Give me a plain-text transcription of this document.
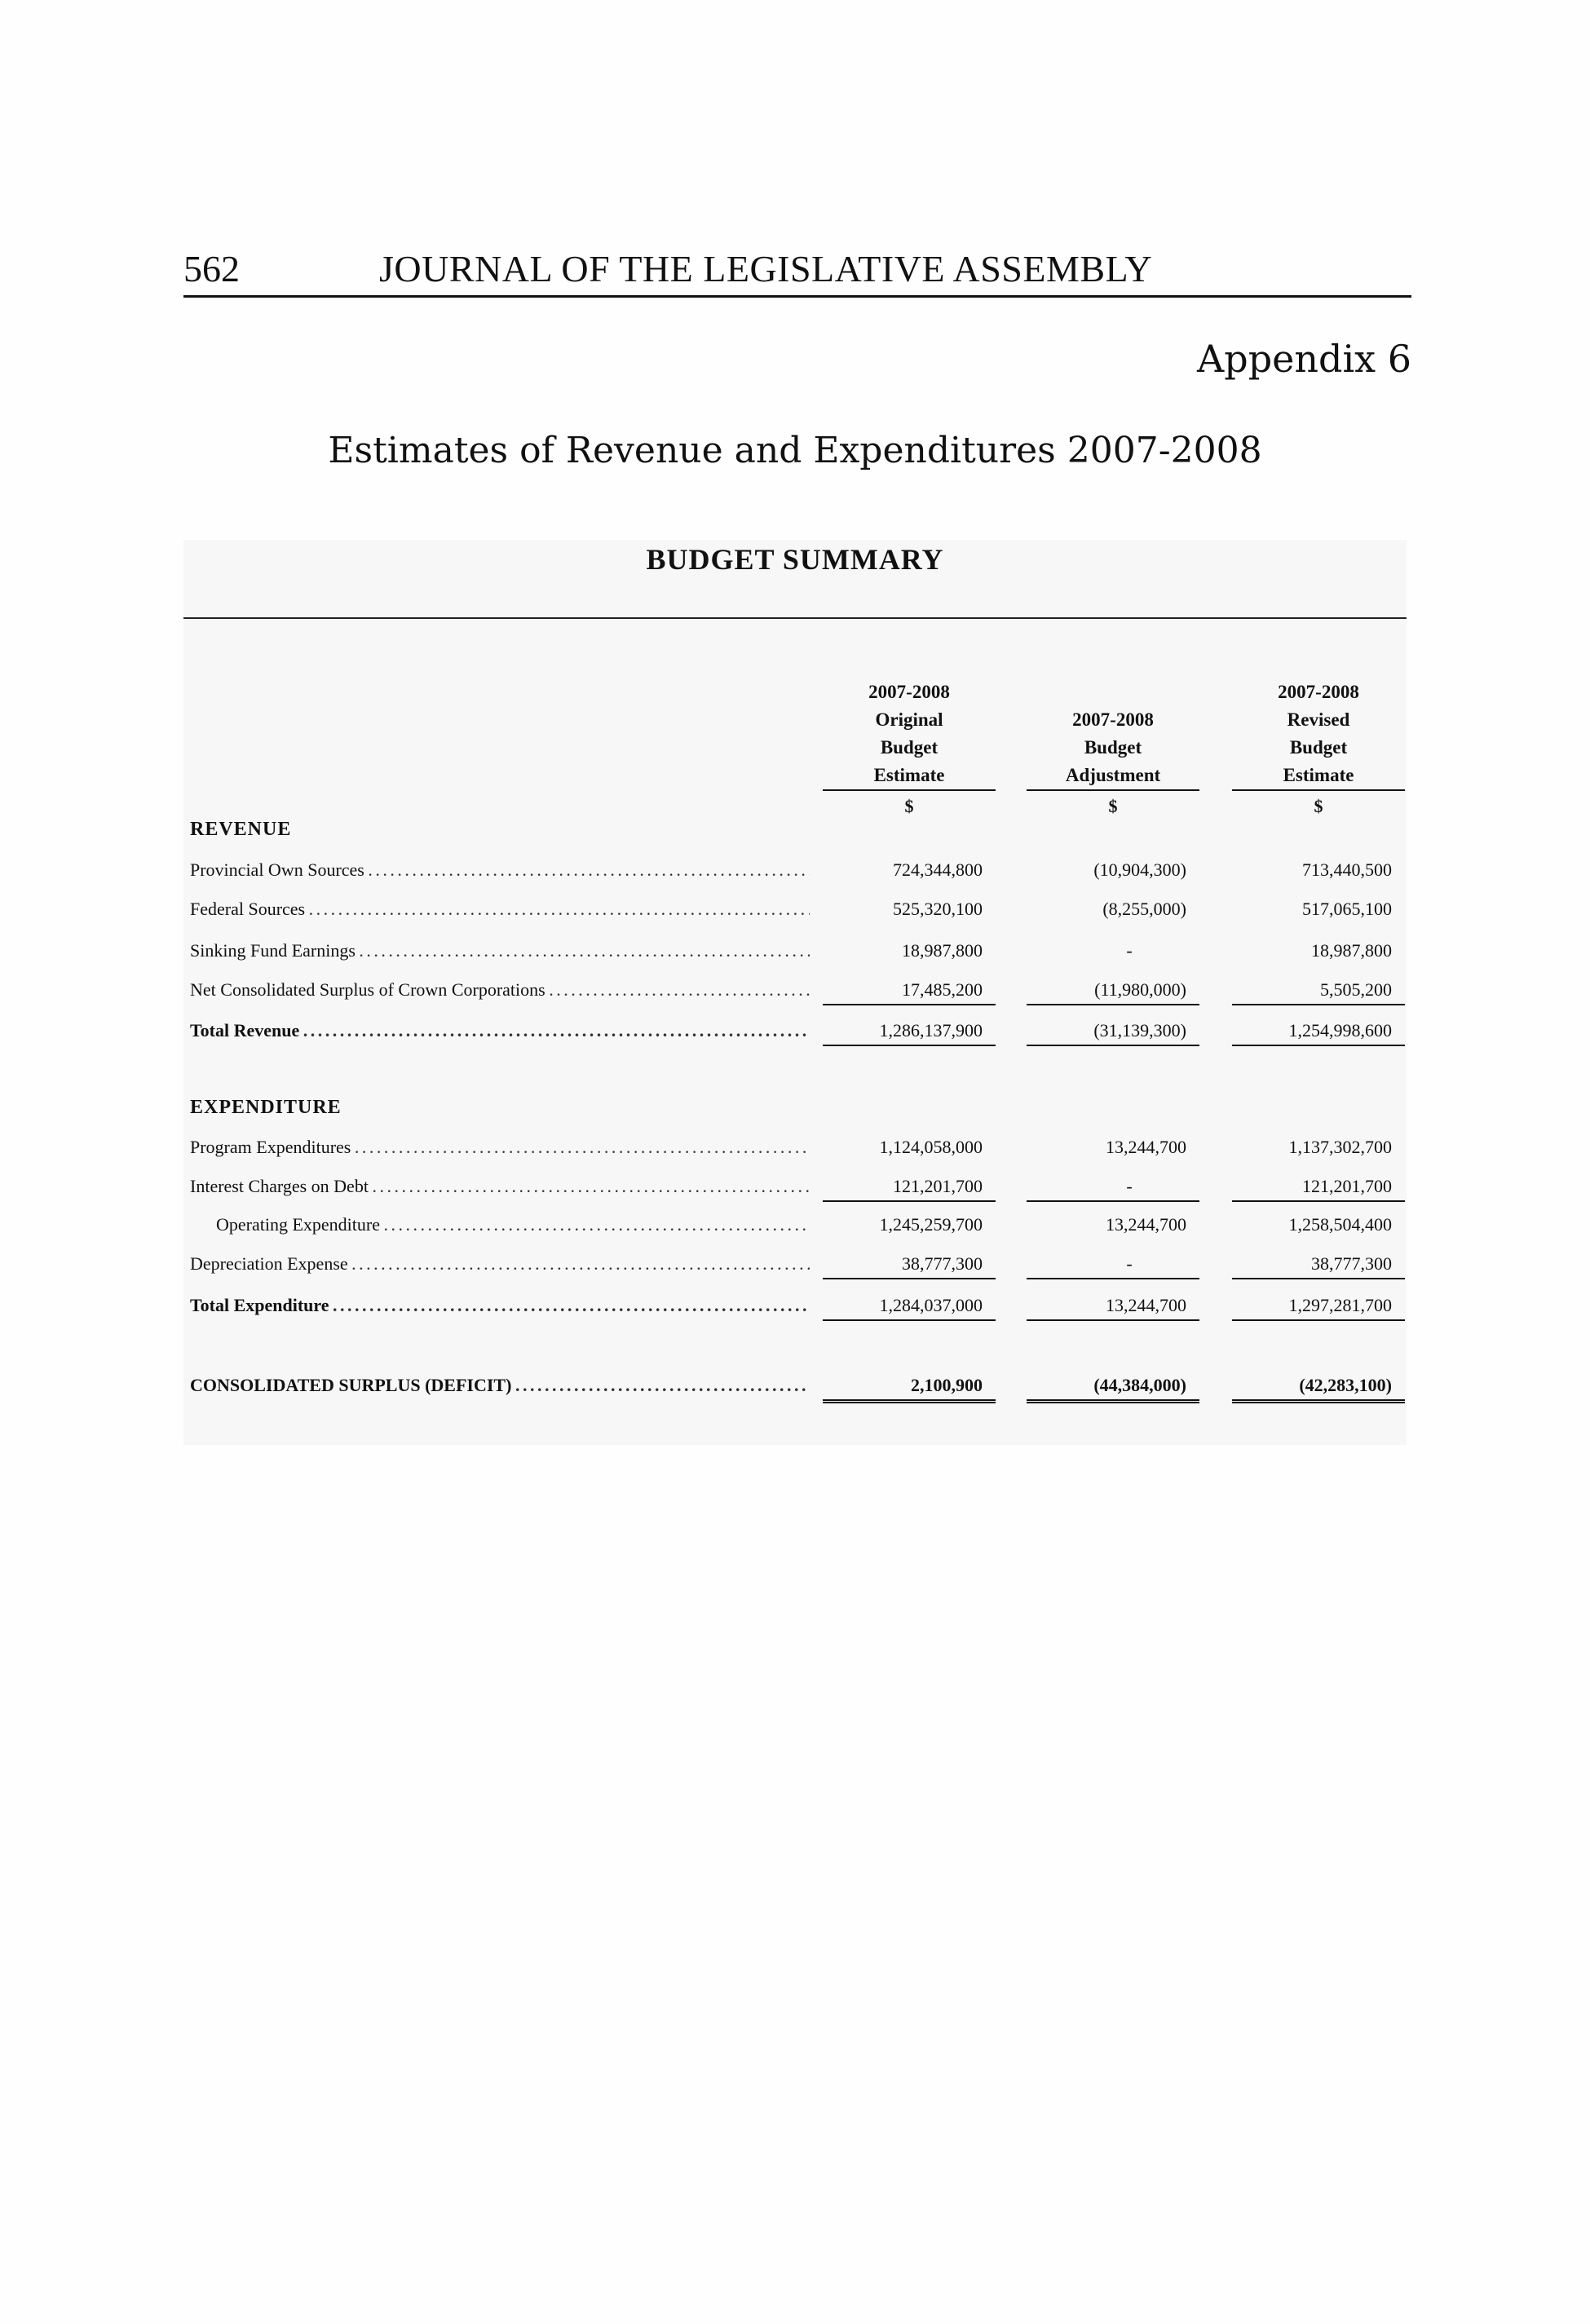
562	JOURNAL OF THE LEGISLATIVE ASSEMBLY
Appendix 6
Estimates of Revenue and Expenditures 2007-2008
BUDGET SUMMARY
2007-2008
Original
Budget
Estimate
$
2007-2008
Budget
Adjustment
$
2007-2008
Revised
Budget
Estimate
$
REVENUE
Provincial Own Sources . . .	724,344,800	(10,904,300)	713,440,500
Federal Sources . . .	525,320,100	(8,255,000)	517,065,100
Sinking Fund Earnings . . .	18,987,800	-	18,987,800
Net Consolidated Surplus of Crown Corporations . . .	17,485,200	(11,980,000)	5,505,200
Total Revenue . . .	1,286,137,900	(31,139,300)	1,254,998,600
EXPENDITURE
Program Expenditures . . .	1,124,058,000	13,244,700	1,137,302,700
Interest Charges on Debt . . .	121,201,700	-	121,201,700
Operating Expenditure . . .	1,245,259,700	13,244,700	1,258,504,400
Depreciation Expense . . .	38,777,300	-	38,777,300
Total Expenditure . . .	1,284,037,000	13,244,700	1,297,281,700
CONSOLIDATED SURPLUS (DEFICIT) . . .	2,100,900	(44,384,000)	(42,283,100)
